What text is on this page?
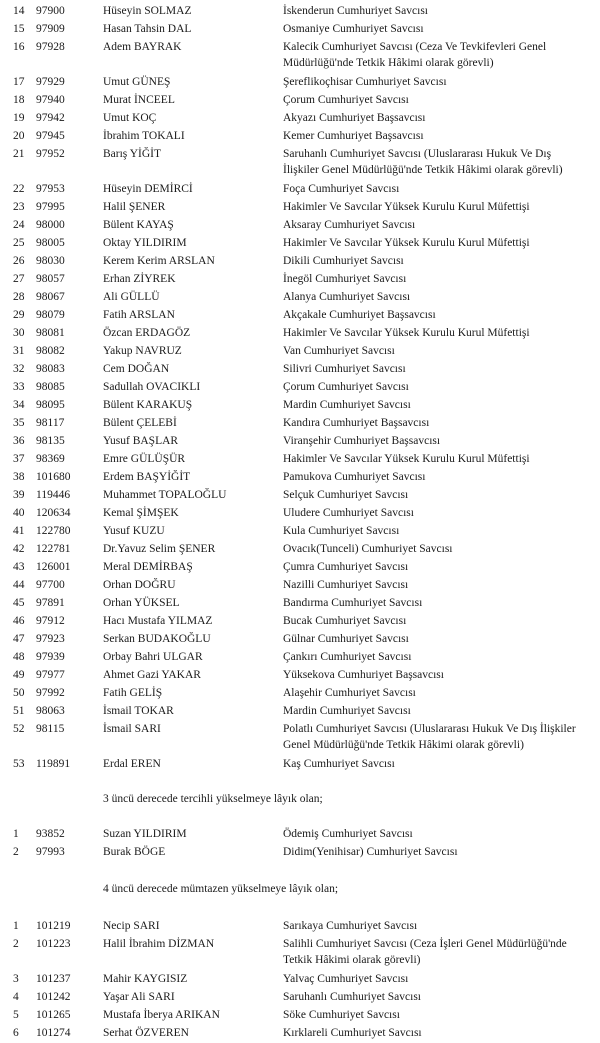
14	97900	Hüseyin SOLMAZ	İskenderun Cumhuriyet Savcısı
15	97909	Hasan Tahsin DAL	Osmaniye Cumhuriyet Savcısı
16	97928	Adem BAYRAK	Kalecik Cumhuriyet Savcısı (Ceza Ve Tevkifevleri Genel Müdürlüğü'nde Tetkik Hâkimi olarak görevli)
17	97929	Umut GÜNEŞ	Şereflikoçhisar Cumhuriyet Savcısı
18	97940	Murat İNCEEL	Çorum Cumhuriyet Savcısı
19	97942	Umut KOÇ	Akyazı Cumhuriyet Başsavcısı
20	97945	İbrahim TOKALI	Kemer Cumhuriyet Başsavcısı
21	97952	Barış YİĞİT	Saruhanlı Cumhuriyet Savcısı (Uluslararası Hukuk Ve Dış İlişkiler Genel Müdürlüğü'nde Tetkik Hâkimi olarak görevli)
22	97953	Hüseyin DEMİRCİ	Foça Cumhuriyet Savcısı
23	97995	Halil ŞENER	Hakimler Ve Savcılar Yüksek Kurulu Kurul Müfettişi
24	98000	Bülent KAYAŞ	Aksaray Cumhuriyet Savcısı
25	98005	Oktay YILDIRIM	Hakimler Ve Savcılar Yüksek Kurulu Kurul Müfettişi
26	98030	Kerem Kerim ARSLAN	Dikili Cumhuriyet Savcısı
27	98057	Erhan ZİYREK	İnegöl Cumhuriyet Savcısı
28	98067	Ali GÜLLÜ	Alanya Cumhuriyet Savcısı
29	98079	Fatih ARSLAN	Akçakale Cumhuriyet Başsavcısı
30	98081	Özcan ERDAGÖZ	Hakimler Ve Savcılar Yüksek Kurulu Kurul Müfettişi
31	98082	Yakup NAVRUZ	Van Cumhuriyet Savcısı
32	98083	Cem DOĞAN	Silivri Cumhuriyet Savcısı
33	98085	Sadullah OVACIKLI	Çorum Cumhuriyet Savcısı
34	98095	Bülent KARAKUŞ	Mardin Cumhuriyet Savcısı
35	98117	Bülent ÇELEBİ	Kandıra Cumhuriyet Başsavcısı
36	98135	Yusuf BAŞLAR	Viranşehir Cumhuriyet Başsavcısı
37	98369	Emre GÜLÜŞÜR	Hakimler Ve Savcılar Yüksek Kurulu Kurul Müfettişi
38	101680	Erdem BAŞYİĞİT	Pamukova Cumhuriyet Savcısı
39	119446	Muhammet TOPALOĞLU	Selçuk Cumhuriyet Savcısı
40	120634	Kemal ŞİMŞEK	Uludere Cumhuriyet Savcısı
41	122780	Yusuf KUZU	Kula Cumhuriyet Savcısı
42	122781	Dr.Yavuz Selim ŞENER	Ovacık(Tunceli) Cumhuriyet Savcısı
43	126001	Meral DEMİRBAŞ	Çumra Cumhuriyet Savcısı
44	97700	Orhan DOĞRU	Nazilli Cumhuriyet Savcısı
45	97891	Orhan YÜKSEL	Bandırma Cumhuriyet Savcısı
46	97912	Hacı Mustafa YILMAZ	Bucak Cumhuriyet Savcısı
47	97923	Serkan BUDAKOĞLU	Gülnar Cumhuriyet Savcısı
48	97939	Orbay Bahri ULGAR	Çankırı Cumhuriyet Savcısı
49	97977	Ahmet Gazi YAKAR	Yüksekova Cumhuriyet Başsavcısı
50	97992	Fatih GELİŞ	Alaşehir Cumhuriyet Savcısı
51	98063	İsmail TOKAR	Mardin Cumhuriyet Savcısı
52	98115	İsmail SARI	Polatlı Cumhuriyet Savcısı (Uluslararası Hukuk Ve Dış İlişkiler Genel Müdürlüğü'nde Tetkik Hâkimi olarak görevli)
53	119891	Erdal EREN	Kaş Cumhuriyet Savcısı
3 üncü derecede tercihli yükselmeye lâyık olan;
1	93852	Suzan YILDIRIM	Ödemiş Cumhuriyet Savcısı
2	97993	Burak BÖGE	Didim(Yenihisar) Cumhuriyet Savcısı
4 üncü derecede mümtazen yükselmeye lâyık olan;
1	101219	Necip SARI	Sarıkaya Cumhuriyet Savcısı
2	101223	Halil İbrahim DİZMAN	Salihli Cumhuriyet Savcısı (Ceza İşleri Genel Müdürlüğü'nde Tetkik Hâkimi olarak görevli)
3	101237	Mahir KAYGISIZ	Yalvaç Cumhuriyet Savcısı
4	101242	Yaşar Ali SARI	Saruhanlı Cumhuriyet Savcısı
5	101265	Mustafa İberya ARIKAN	Söke Cumhuriyet Savcısı
6	101274	Serhat ÖZVEREN	Kırklareli Cumhuriyet Savcısı
